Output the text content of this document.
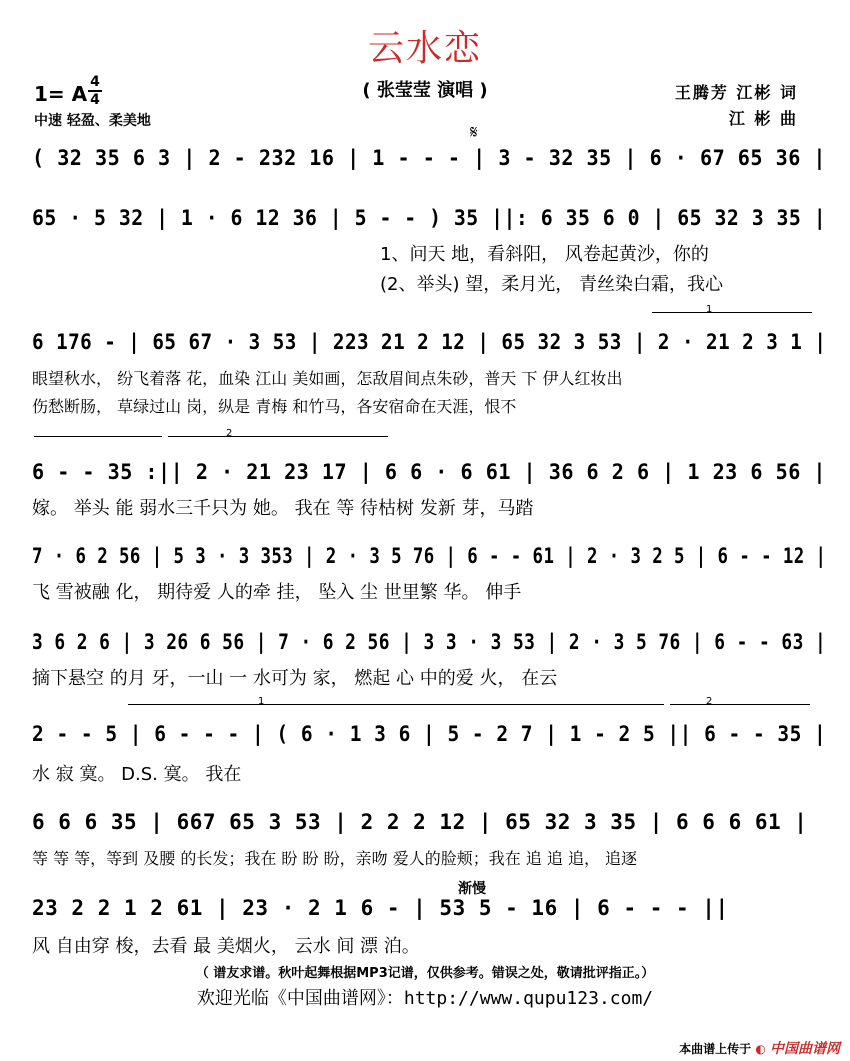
云水恋
( 张莹莹 演唱 )
1= A 4
4
中速 轻盈、柔美地
王腾芳 江彬 词
江 彬 曲
𝄋
1
2
1	2
渐慢
( 32 35 6 3 | 2 - 232 16 | 1 - - - | 3 - 32 35 | 6 · 67 65 36 |
65 · 5 32 | 1 · 6 12 36 | 5 - - ) 35 ||: 6 35 6 0 | 65 32 3 35 |
1、问天 地，看斜阳， 风卷起黄沙，你的
(2、举头) 望，柔月光， 青丝染白霜，我心
6 176 - | 65 67 · 3 53 | 223 21 2 12 | 65 32 3 53 | 2 · 21 2 3 1 |
眼望秋水， 纷飞着落 花，血染 江山 美如画，怎敌眉间点朱砂，普天 下 伊人红妆出
伤愁断肠， 草绿过山 岗，纵是 青梅 和竹马，各安宿命在天涯，恨不
6 - - 35 :|| 2 · 21 23 17 | 6 6 · 6 61 | 36 6 2 6 | 1 23 6 56 |
嫁。 举头 能 弱水三千只为 她。 我在 等 待枯树 发新 芽，马踏
7 · 6 2 56 | 5 3 · 3 353 | 2 · 3 5 76 | 6 - - 61 | 2 · 3 2 5 | 6 - - 12 |
飞 雪被融 化， 期待爱 人的牵 挂， 坠入 尘 世里繁 华。 伸手
3 6 2 6 | 3 26 6 56 | 7 · 6 2 56 | 3 3 · 3 53 | 2 · 3 5 76 | 6 - - 63 |
摘下悬空 的月 牙，一山 一 水可为 家， 燃起 心 中的爱 火， 在云
2 - - 5 | 6 - - - | ( 6 · 1 3 6 | 5 - 2 7 | 1 - 2 5 || 6 - - 35 |
水 寂 寞。 D.S. 寞。 我在
6 6 6 35 | 667 65 3 53 | 2 2 2 12 | 65 32 3 35 | 6 6 6 61 |
等 等 等，等到 及腰 的长发；我在 盼 盼 盼，亲吻 爱人的脸颊；我在 追 追 追， 追逐
23 2 2 1 2 61 | 23 · 2 1 6 - | 53 5 - 16 | 6 - - - ||
风 自由穿 梭，去看 最 美烟火， 云水 间 漂 泊。
（ 谱友求谱。秋叶起舞根据MP3记谱，仅供参考。错误之处，敬请批评指正。）
欢迎光临《中国曲谱网》：http://www.qupu123.com/
本曲谱上传于 ◐ 中国曲谱网
